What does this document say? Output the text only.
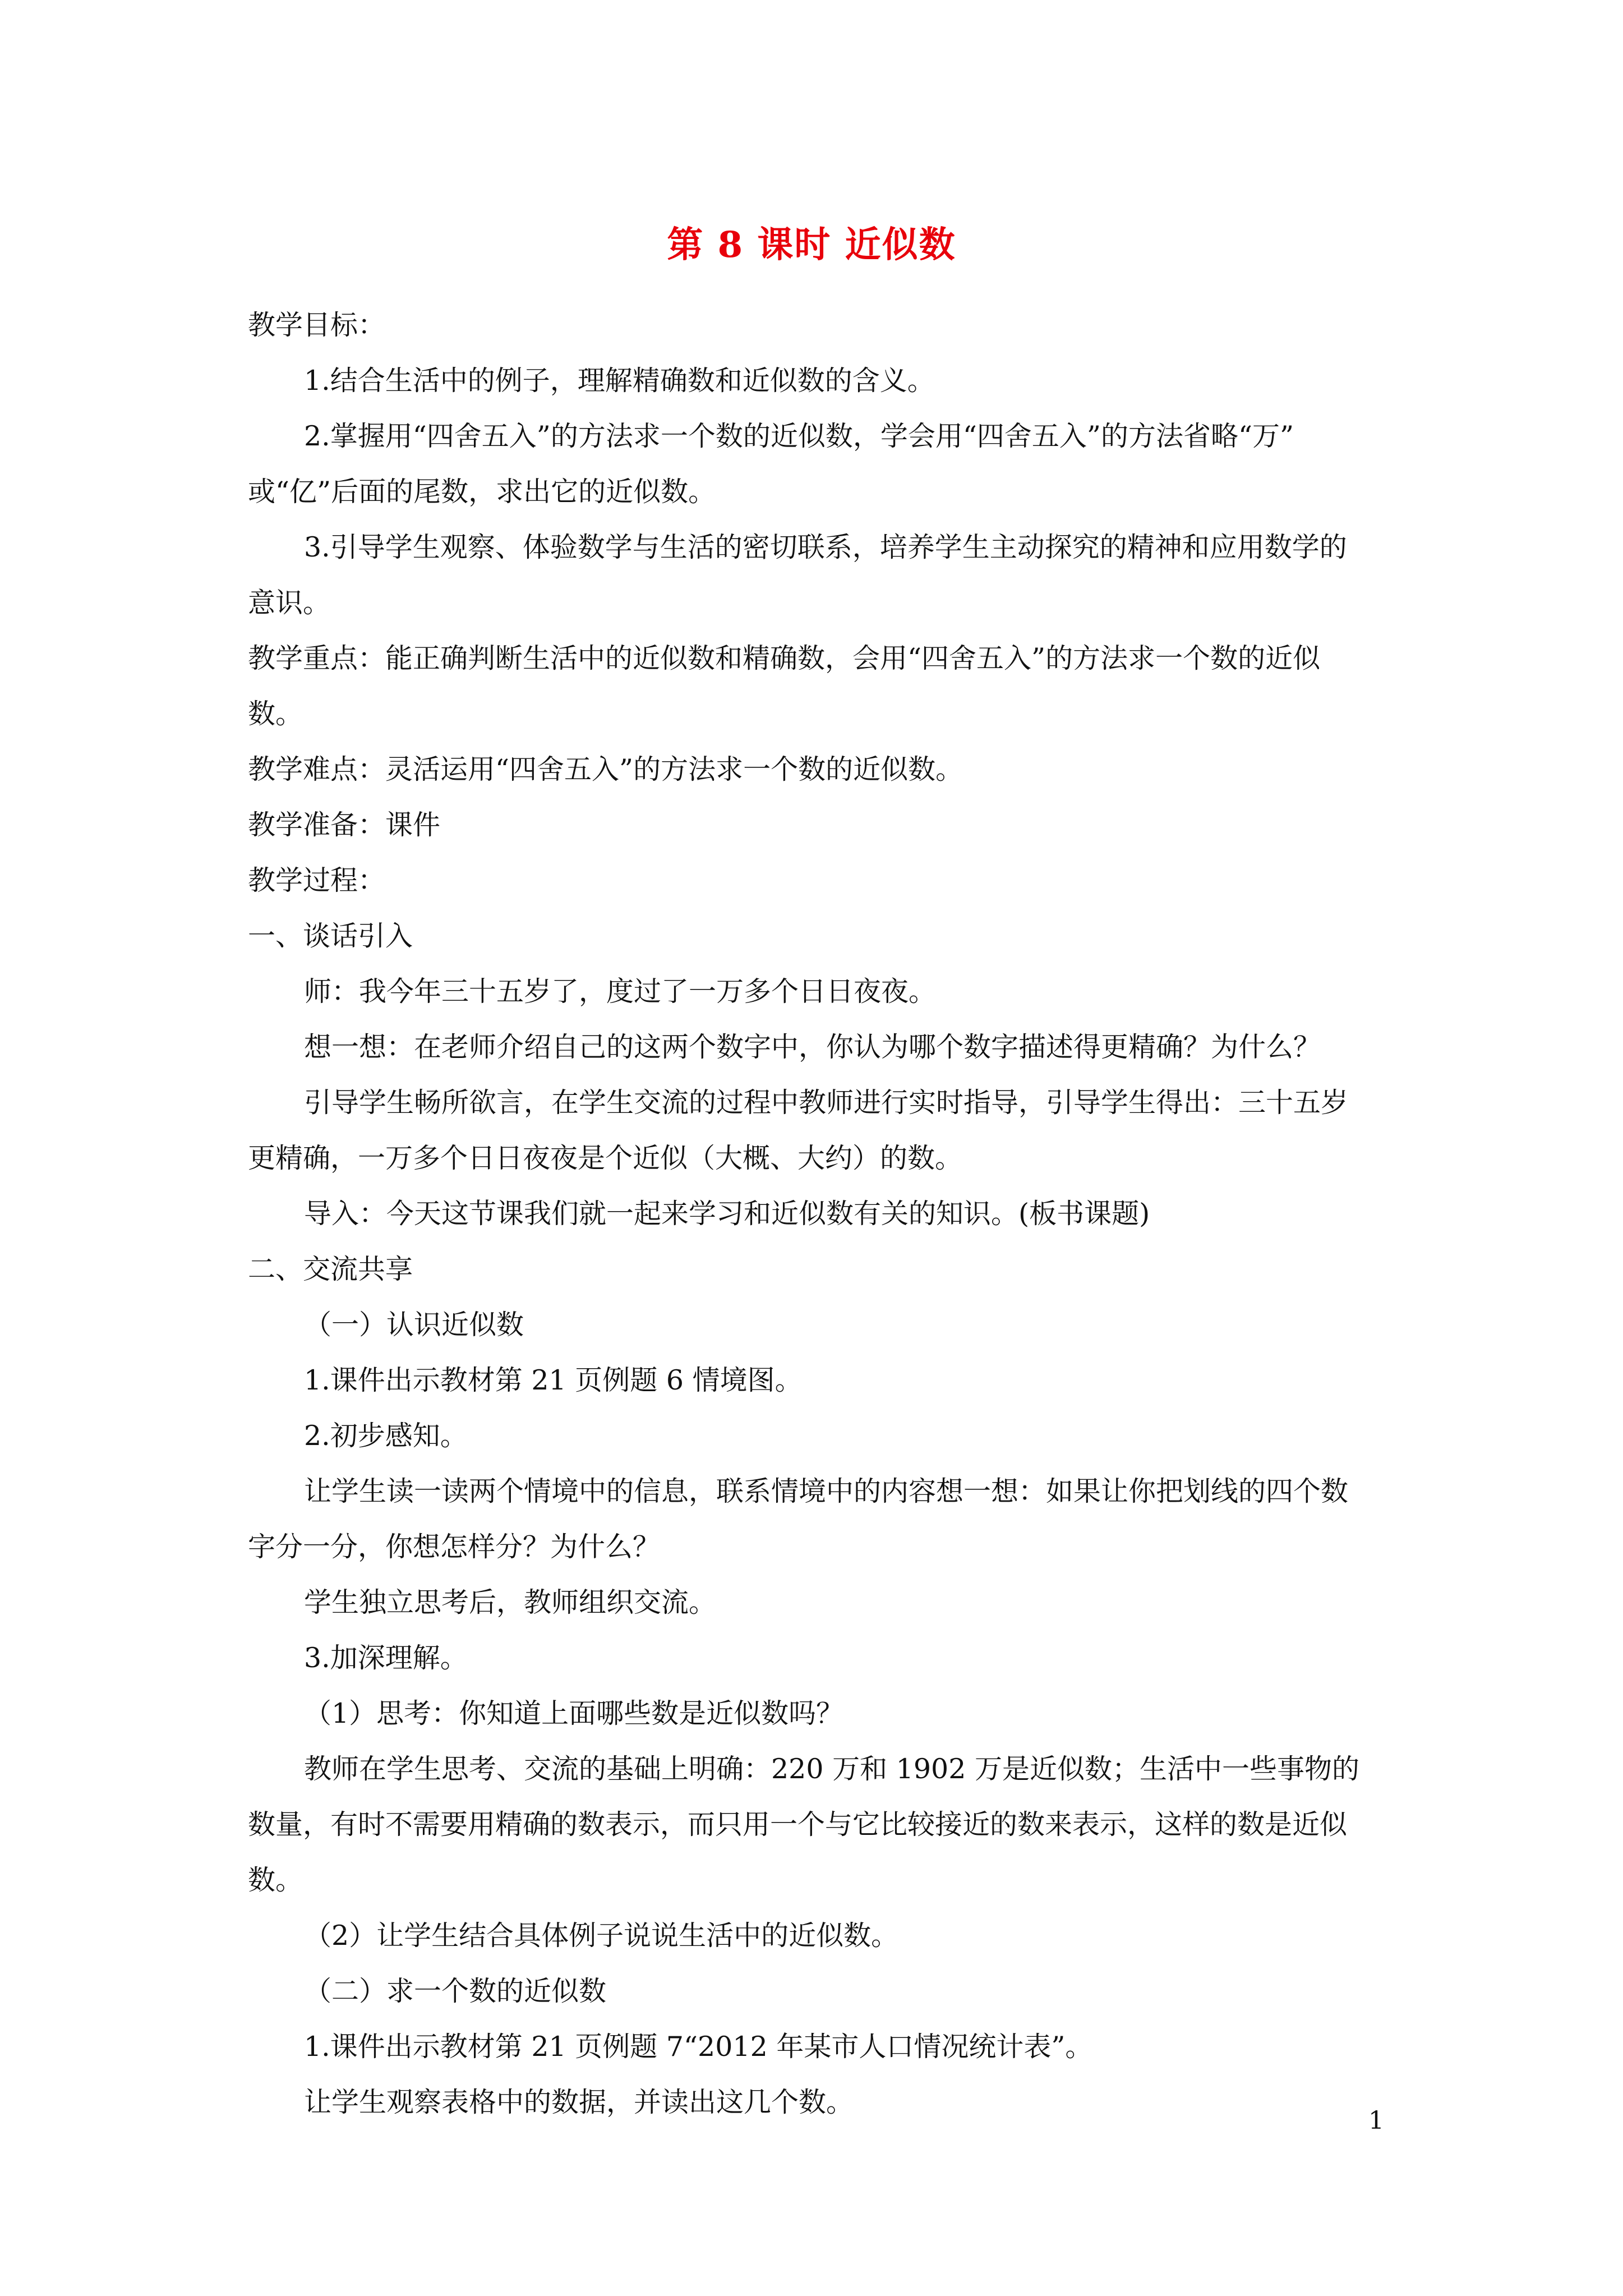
第 8 课时 近似数
教学目标：
1.结合生活中的例子，理解精确数和近似数的含义。
2.掌握用“四舍五入”的方法求一个数的近似数，学会用“四舍五入”的方法省略“万”
或“亿”后面的尾数，求出它的近似数。
3.引导学生观察、体验数学与生活的密切联系，培养学生主动探究的精神和应用数学的
意识。
教学重点：能正确判断生活中的近似数和精确数，会用“四舍五入”的方法求一个数的近似
数。
教学难点：灵活运用“四舍五入”的方法求一个数的近似数。
教学准备：课件
教学过程：
一、谈话引入
师：我今年三十五岁了，度过了一万多个日日夜夜。
想一想：在老师介绍自己的这两个数字中，你认为哪个数字描述得更精确？为什么？
引导学生畅所欲言，在学生交流的过程中教师进行实时指导，引导学生得出：三十五岁
更精确，一万多个日日夜夜是个近似（大概、大约）的数。
导入：今天这节课我们就一起来学习和近似数有关的知识。(板书课题)
二、交流共享
（一）认识近似数
1.课件出示教材第 21 页例题 6 情境图。
2.初步感知。
让学生读一读两个情境中的信息，联系情境中的内容想一想：如果让你把划线的四个数
字分一分，你想怎样分？为什么？
学生独立思考后，教师组织交流。
3.加深理解。
（1）思考：你知道上面哪些数是近似数吗？
教师在学生思考、交流的基础上明确：220 万和 1902 万是近似数；生活中一些事物的
数量，有时不需要用精确的数表示，而只用一个与它比较接近的数来表示，这样的数是近似
数。
（2）让学生结合具体例子说说生活中的近似数。
（二）求一个数的近似数
1.课件出示教材第 21 页例题 7“2012 年某市人口情况统计表”。
让学生观察表格中的数据，并读出这几个数。
1
